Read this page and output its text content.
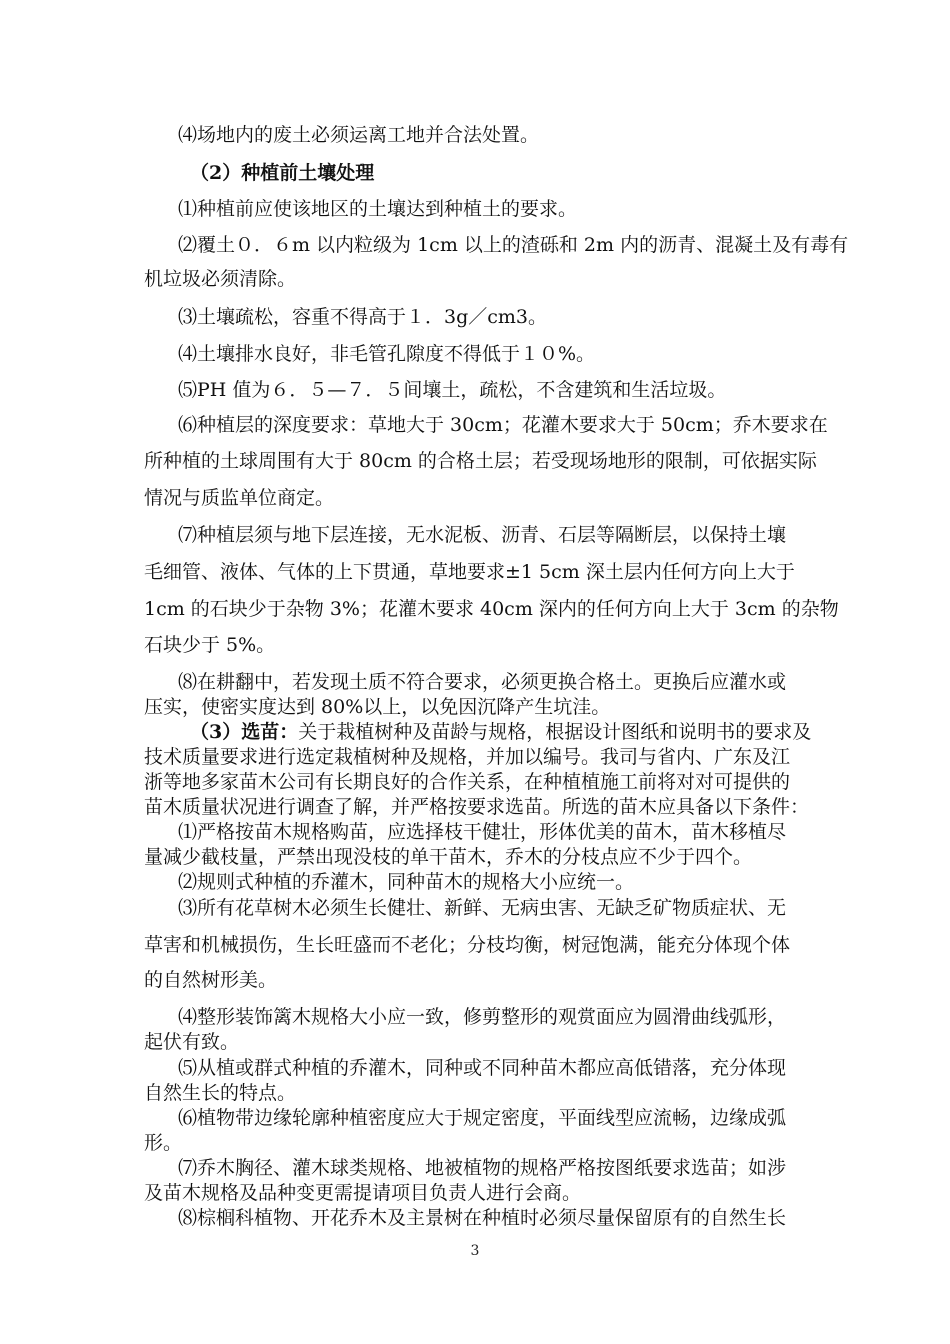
⑷场地内的废土必须运离工地并合法处置。
（2）种植前土壤处理
⑴种植前应使该地区的土壤达到种植土的要求。
⑵覆土０．６m 以内粒级为 1cm 以上的渣砾和 2m 内的沥青、混凝土及有毒有
机垃圾必须清除。
⑶土壤疏松，容重不得高于１．3g／cm3。
⑷土壤排水良好，非毛管孔隙度不得低于１０%。
⑸PH 值为６．５—７．５间壤土，疏松，不含建筑和生活垃圾。
⑹种植层的深度要求：草地大于 30cm；花灌木要求大于 50cm；乔木要求在
所种植的土球周围有大于 80cm 的合格土层；若受现场地形的限制，可依据实际
情况与质监单位商定。
⑺种植层须与地下层连接，无水泥板、沥青、石层等隔断层，以保持土壤
毛细管、液体、气体的上下贯通，草地要求±1 5cm 深土层内任何方向上大于
1cm 的石块少于杂物 3%；花灌木要求 40cm 深内的任何方向上大于 3cm 的杂物
石块少于 5%。
⑻在耕翻中，若发现土质不符合要求，必须更换合格土。更换后应灌水或
压实，使密实度达到 80%以上，以免因沉降产生坑洼。
（3）选苗：关于栽植树种及苗龄与规格，根据设计图纸和说明书的要求及
技术质量要求进行选定栽植树种及规格，并加以编号。我司与省内、广东及江
浙等地多家苗木公司有长期良好的合作关系，在种植植施工前将对对可提供的
苗木质量状况进行调查了解，并严格按要求选苗。所选的苗木应具备以下条件：
⑴严格按苗木规格购苗，应选择枝干健壮，形体优美的苗木，苗木移植尽
量减少截枝量，严禁出现没枝的单干苗木，乔木的分枝点应不少于四个。
⑵规则式种植的乔灌木，同种苗木的规格大小应统一。
⑶所有花草树木必须生长健壮、新鲜、无病虫害、无缺乏矿物质症状、无
草害和机械损伤，生长旺盛而不老化；分枝均衡，树冠饱满，能充分体现个体
的自然树形美。
⑷整形装饰篱木规格大小应一致，修剪整形的观赏面应为圆滑曲线弧形，
起伏有致。
⑸从植或群式种植的乔灌木，同种或不同种苗木都应高低错落，充分体现
自然生长的特点。
⑹植物带边缘轮廓种植密度应大于规定密度，平面线型应流畅，边缘成弧
形。
⑺乔木胸径、灌木球类规格、地被植物的规格严格按图纸要求选苗；如涉
及苗木规格及品种变更需提请项目负责人进行会商。
⑻棕榈科植物、开花乔木及主景树在种植时必须尽量保留原有的自然生长
3
